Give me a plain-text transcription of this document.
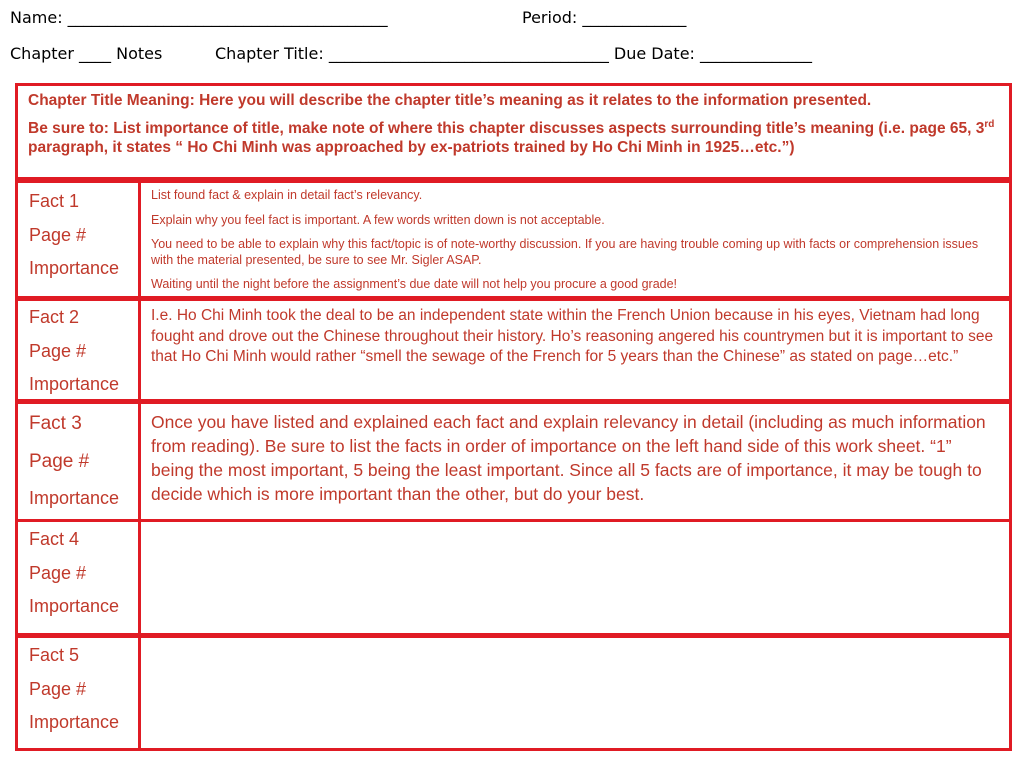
Name: ________________________________________	Period: _____________
Chapter ____ Notes	Chapter Title: ___________________________________ Due Date: ______________

Chapter Title Meaning: Here you will describe the chapter title’s meaning as it relates to the information presented.

Be sure to: List importance of title, make note of where this chapter discusses aspects surrounding title’s meaning (i.e. page 65, 3rd paragraph, it states “ Ho Chi Minh was approached by ex-patriots trained by Ho Chi Minh in 1925…etc.”)

Fact 1

Page #

Importance

List found fact & explain in detail fact’s relevancy.

Explain why you feel fact is important. A few words written down is not acceptable.

You need to be able to explain why this fact/topic is of note-worthy discussion. If you are having trouble coming up with facts or comprehension issues with the material presented, be sure to see Mr. Sigler ASAP.

Waiting until the night before the assignment’s due date will not help you procure a good grade!

Fact 2

Page #

Importance

I.e. Ho Chi Minh took the deal to be an independent state within the French Union because in his eyes, Vietnam had long fought and drove out the Chinese throughout their history. Ho’s reasoning angered his countrymen but it is important to see that Ho Chi Minh would rather “smell the sewage of the French for 5 years than the Chinese” as stated on page…etc.”

Fact 3

Page #

Importance

Once you have listed and explained each fact and explain relevancy in detail (including as much information from reading). Be sure to list the facts in order of importance on the left hand side of this work sheet. “1” being the most important, 5 being the least important. Since all 5 facts are of importance, it may be tough to decide which is more important than the other, but do your best.

Fact 4

Page #

Importance

Fact 5

Page #

Importance
